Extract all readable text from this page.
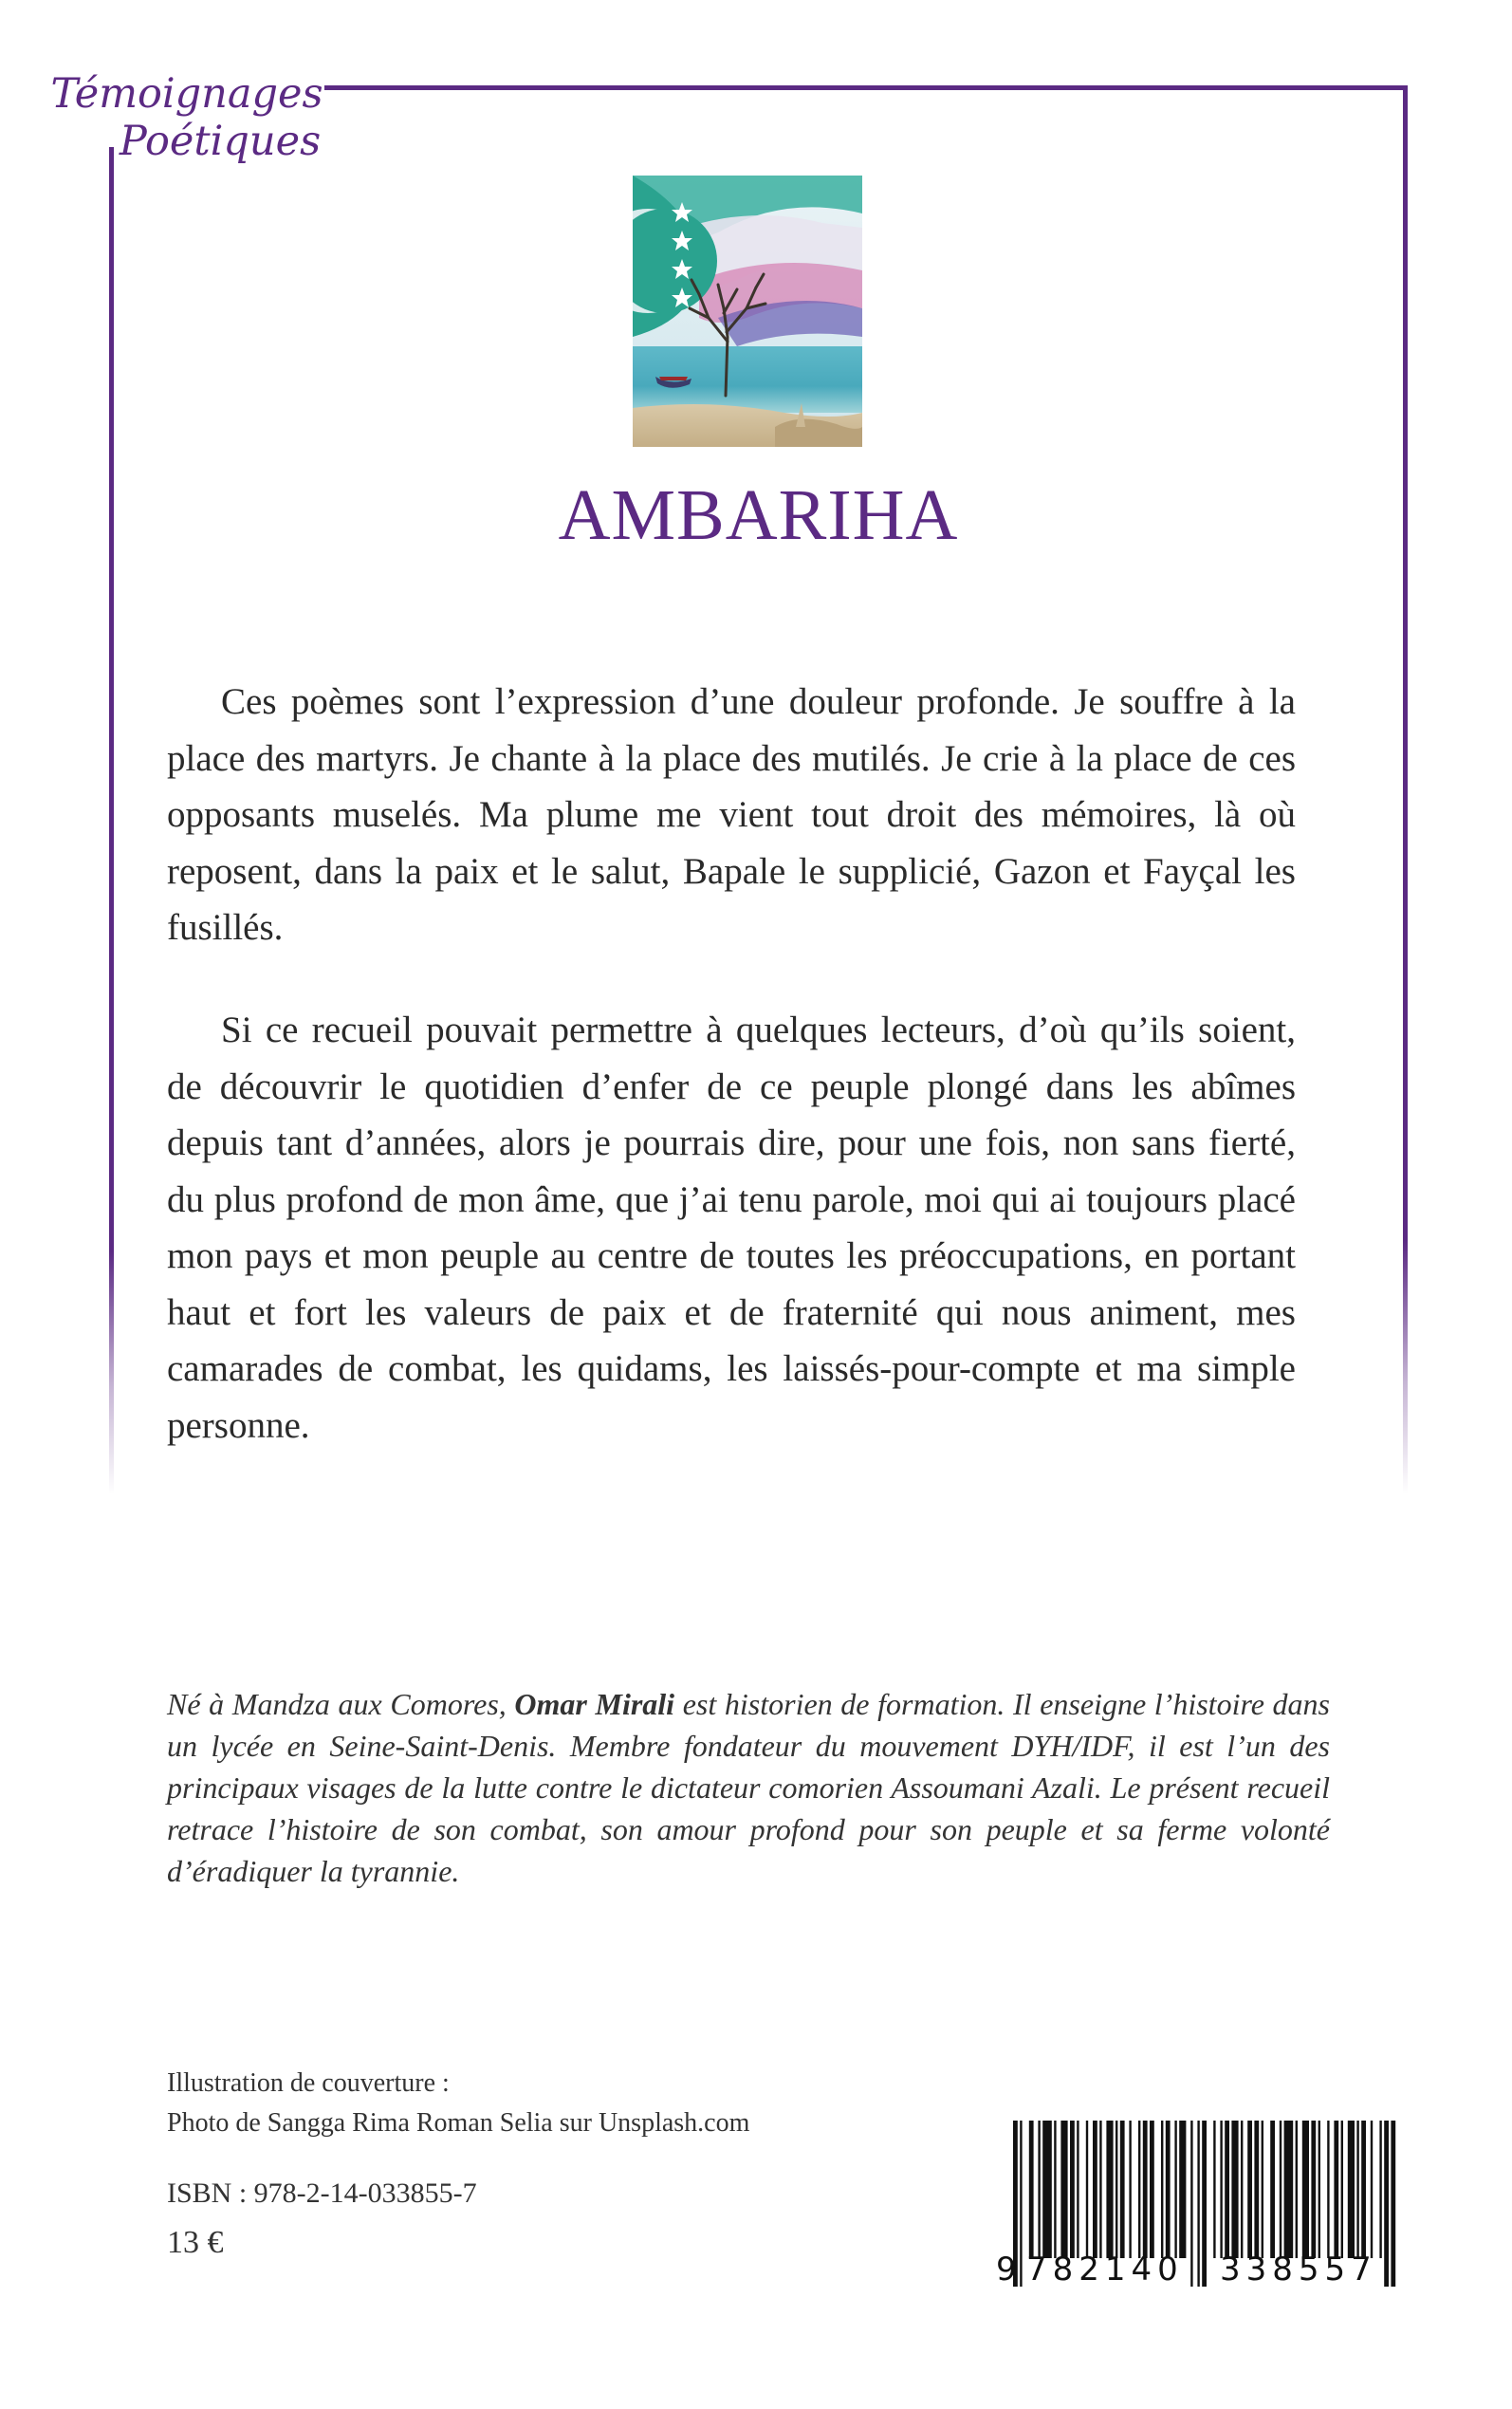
Témoignages
Poétiques
AMBARIHA

Ces poèmes sont l’expression d’une douleur profonde. Je souffre à la place des martyrs. Je chante à la place des mutilés. Je crie à la place de ces opposants muselés. Ma plume me vient tout droit des mémoires, là où reposent, dans la paix et le salut, Bapale le supplicié, Gazon et Fayçal les fusillés.

Si ce recueil pouvait permettre à quelques lecteurs, d’où qu’ils soient, de découvrir le quotidien d’enfer de ce peuple plongé dans les abîmes depuis tant d’années, alors je pourrais dire, pour une fois, non sans fierté, du plus profond de mon âme, que j’ai tenu parole, moi qui ai toujours placé mon pays et mon peuple au centre de toutes les préoccupations, en portant haut et fort les valeurs de paix et de fraternité qui nous animent, mes camarades de combat, les quidams, les laissés-pour-compte et ma simple personne.

Né à Mandza aux Comores, Omar Mirali est historien de formation. Il enseigne l’histoire dans un lycée en Seine-Saint-Denis. Membre fondateur du mouvement DYH/IDF, il est l’un des principaux visages de la lutte contre le dictateur comorien Assoumani Azali. Le présent recueil retrace l’histoire de son combat, son amour profond pour son peuple et sa ferme volonté d’éradiquer la tyrannie.
Illustration de couverture :
Photo de Sangga Rima Roman Selia sur Unsplash.com
ISBN : 978-2-14-033855-7
13 €
9 782140 338557
